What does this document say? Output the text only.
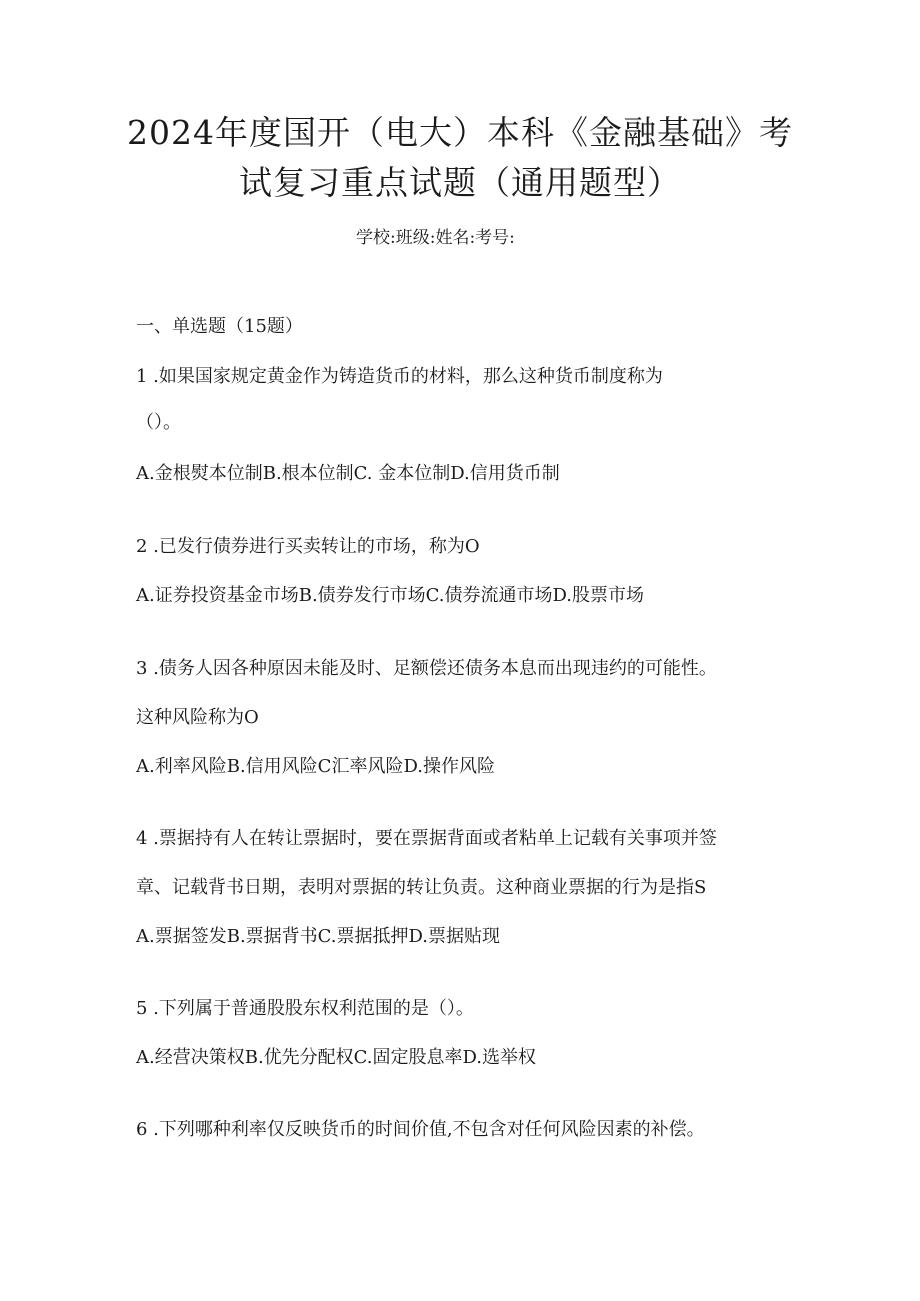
2024年度国开（电大）本科《金融基础》考
试复习重点试题（通用题型）
学校:班级:姓名:考号:
一、单选题（15题）
1 .如果国家规定黄金作为铸造货币的材料，那么这种货币制度称为
（）。
A.金根熨本位制B.根本位制C. 金本位制D.信用货币制
2 .已发行债券进行买卖转让的市场，称为O
A.证券投资基金市场B.债券发行市场C.债券流通市场D.股票市场
3 .债务人因各种原因未能及时、足额偿还债务本息而出现违约的可能性。
这种风险称为O
A.利率风险B.信用风险C汇率风险D.操作风险
4 .票据持有人在转让票据时，要在票据背面或者粘单上记载有关事项并签
章、记载背书日期，表明对票据的转让负责。这种商业票据的行为是指S
A.票据签发B.票据背书C.票据抵押D.票据贴现
5 .下列属于普通股股东权利范围的是（）。
A.经营决策权B.优先分配权C.固定股息率D.选举权
6 .下列哪种利率仅反映货币的时间价值,不包含对任何风险因素的补偿。
